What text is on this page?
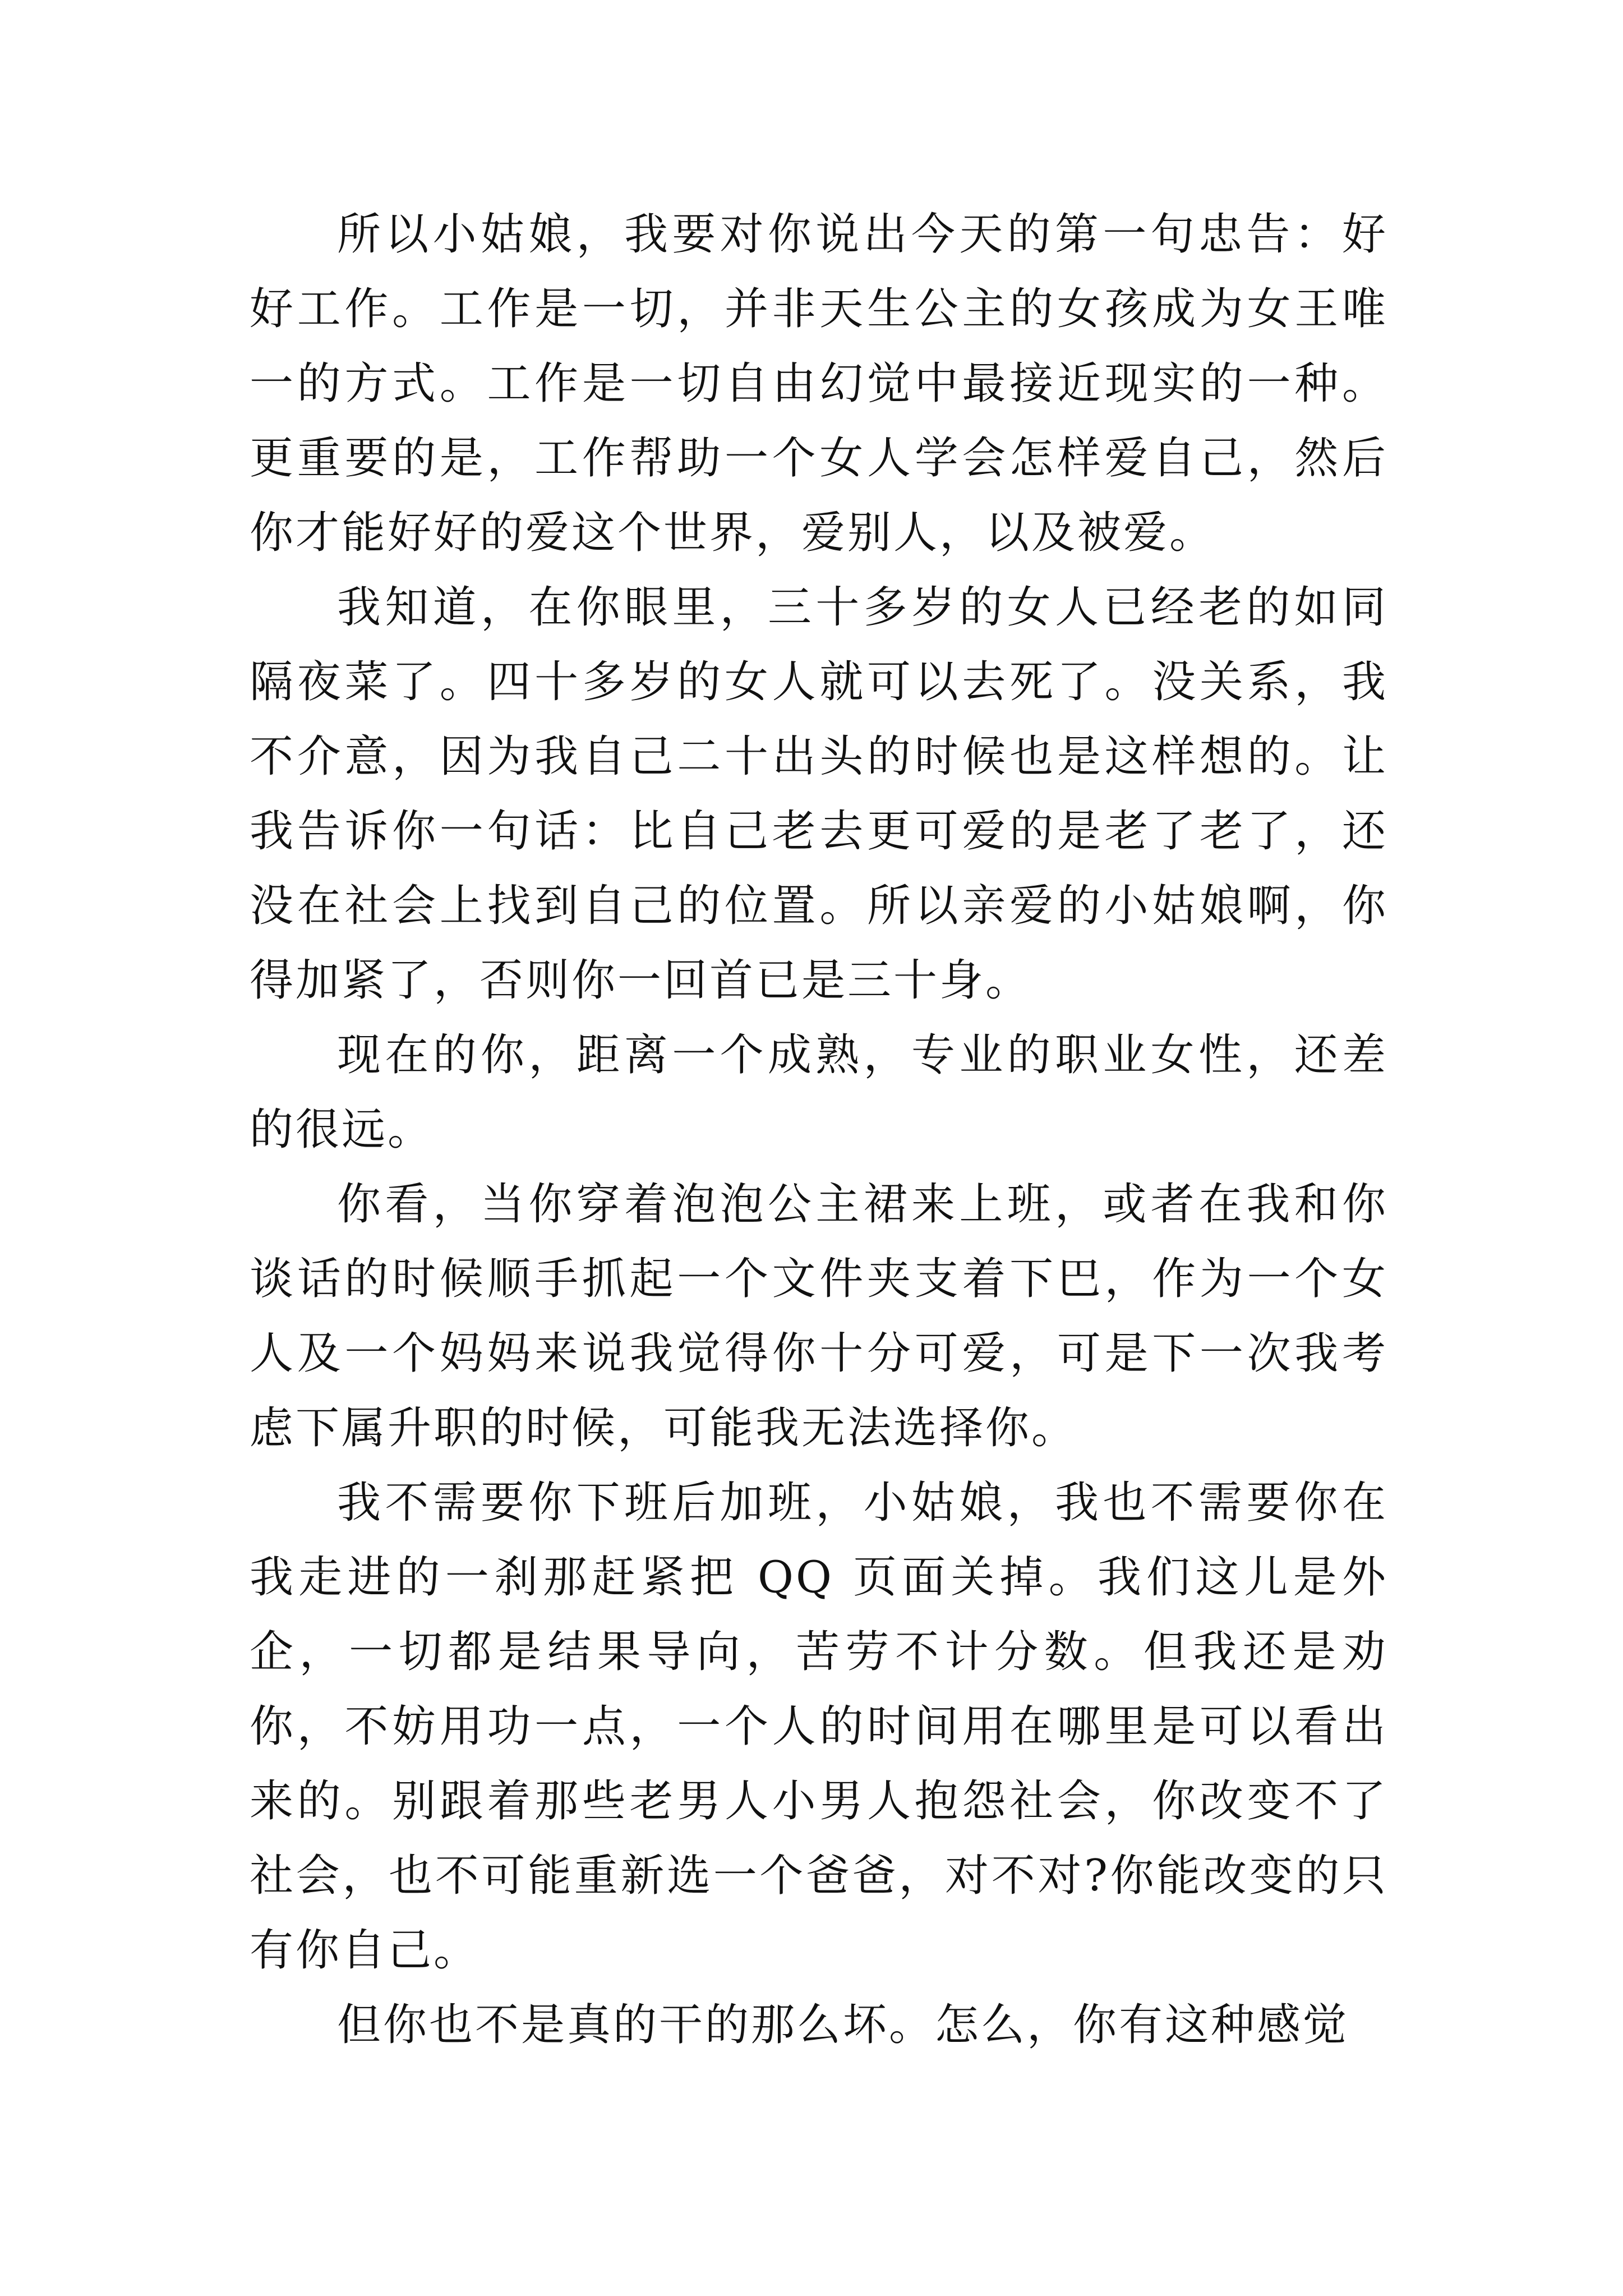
所以小姑娘，我要对你说出今天的第一句忠告：好好工作。工作是一切，并非天生公主的女孩成为女王唯一的方式。工作是一切自由幻觉中最接近现实的一种。更重要的是，工作帮助一个女人学会怎样爱自己，然后你才能好好的爱这个世界，爱别人，以及被爱。

我知道，在你眼里，三十多岁的女人已经老的如同隔夜菜了。四十多岁的女人就可以去死了。没关系，我不介意，因为我自己二十出头的时候也是这样想的。让我告诉你一句话：比自己老去更可爱的是老了老了，还没在社会上找到自己的位置。所以亲爱的小姑娘啊，你得加紧了，否则你一回首已是三十身。

现在的你，距离一个成熟，专业的职业女性，还差的很远。

你看，当你穿着泡泡公主裙来上班，或者在我和你谈话的时候顺手抓起一个文件夹支着下巴，作为一个女人及一个妈妈来说我觉得你十分可爱，可是下一次我考虑下属升职的时候，可能我无法选择你。

我不需要你下班后加班，小姑娘，我也不需要你在我走进的一刹那赶紧把 QQ 页面关掉。我们这儿是外企，一切都是结果导向，苦劳不计分数。但我还是劝你，不妨用功一点，一个人的时间用在哪里是可以看出来的。别跟着那些老男人小男人抱怨社会，你改变不了社会，也不可能重新选一个爸爸，对不对?你能改变的只有你自己。

但你也不是真的干的那么坏。怎么，你有这种感觉
